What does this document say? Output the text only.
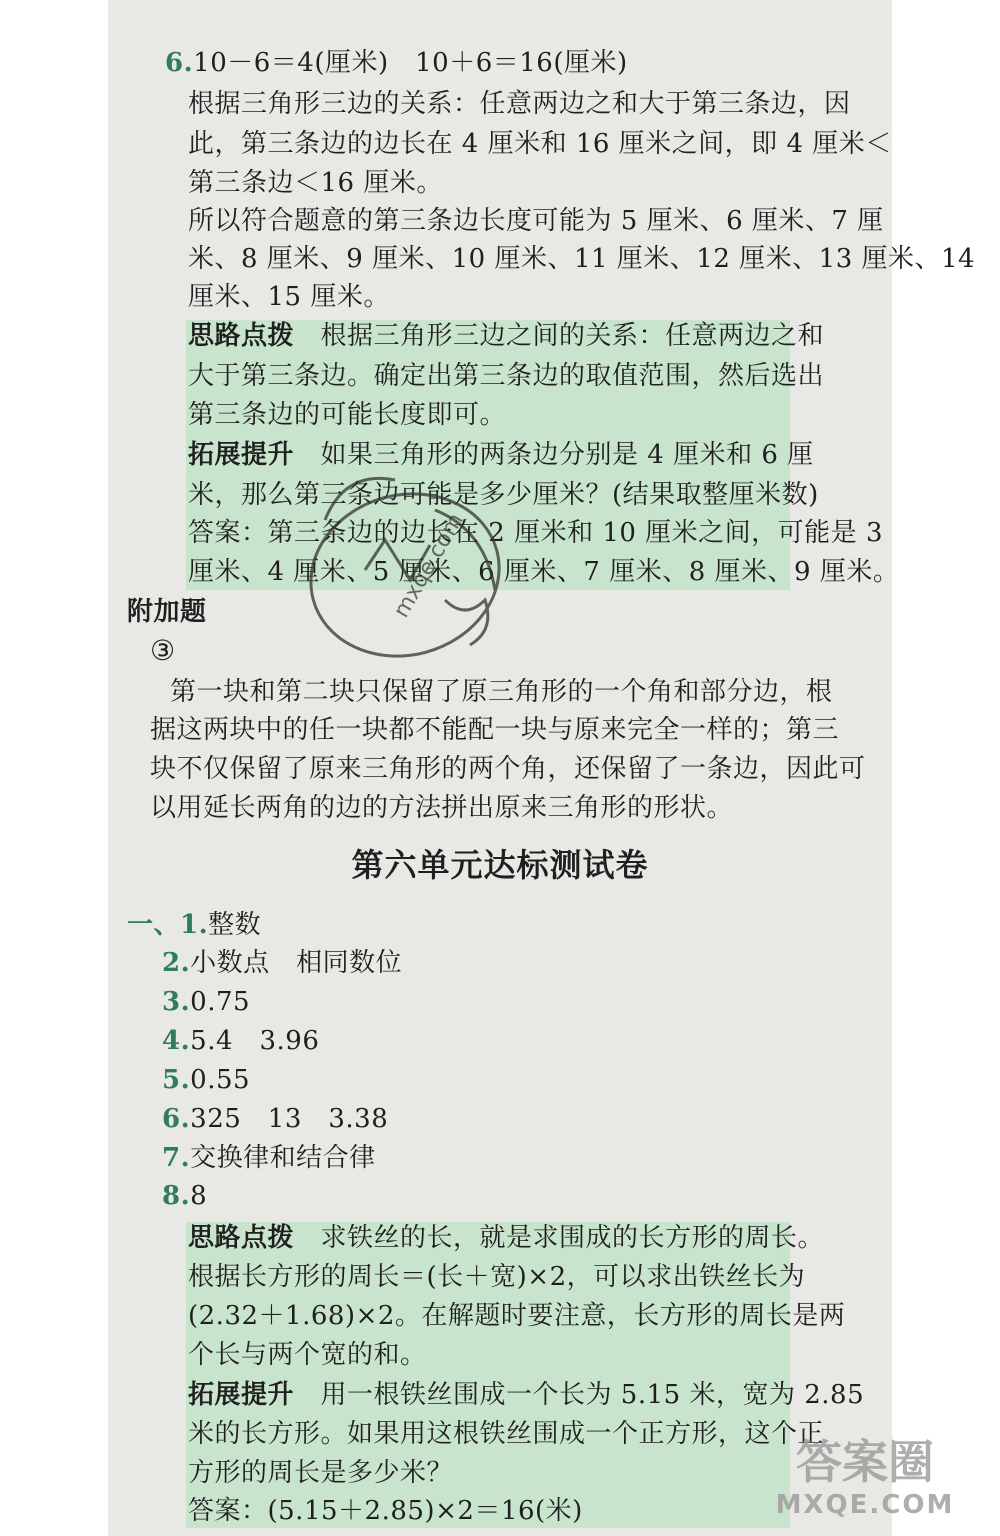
6.10－6＝4(厘米)　10＋6＝16(厘米)
根据三角形三边的关系：任意两边之和大于第三条边，因
此，第三条边的边长在 4 厘米和 16 厘米之间，即 4 厘米＜
第三条边＜16 厘米。
所以符合题意的第三条边长度可能为 5 厘米、6 厘米、7 厘
米、8 厘米、9 厘米、10 厘米、11 厘米、12 厘米、13 厘米、14
厘米、15 厘米。
思路点拨　 根据三角形三边之间的关系：任意两边之和
大于第三条边。确定出第三条边的取值范围，然后选出
第三条边的可能长度即可。
拓展提升　 如果三角形的两条边分别是 4 厘米和 6 厘
米，那么第三条边可能是多少厘米？(结果取整厘米数)
答案：第三条边的边长在 2 厘米和 10 厘米之间，可能是 3
厘米、4 厘米、5 厘米、6 厘米、7 厘米、8 厘米、9 厘米。
附加题
③
第一块和第二块只保留了原三角形的一个角和部分边，根
据这两块中的任一块都不能配一块与原来完全一样的；第三
块不仅保留了原来三角形的两个角，还保留了一条边，因此可
以用延长两角的边的方法拼出原来三角形的形状。
第六单元达标测试卷
一、1.整数
2.小数点　相同数位
3.0.75
4.5.4　3.96
5.0.55
6.325　13　3.38
7.交换律和结合律
8.8
思路点拨　 求铁丝的长，就是求围成的长方形的周长。
根据长方形的周长＝(长＋宽)×2，可以求出铁丝长为
(2.32＋1.68)×2。在解题时要注意，长方形的周长是两
个长与两个宽的和。
拓展提升　 用一根铁丝围成一个长为 5.15 米，宽为 2.85
米的长方形。如果用这根铁丝围成一个正方形，这个正
方形的周长是多少米？
答案：(5.15＋2.85)×2＝16(米)
mxqe.com
答案圈
MXQE.COM
